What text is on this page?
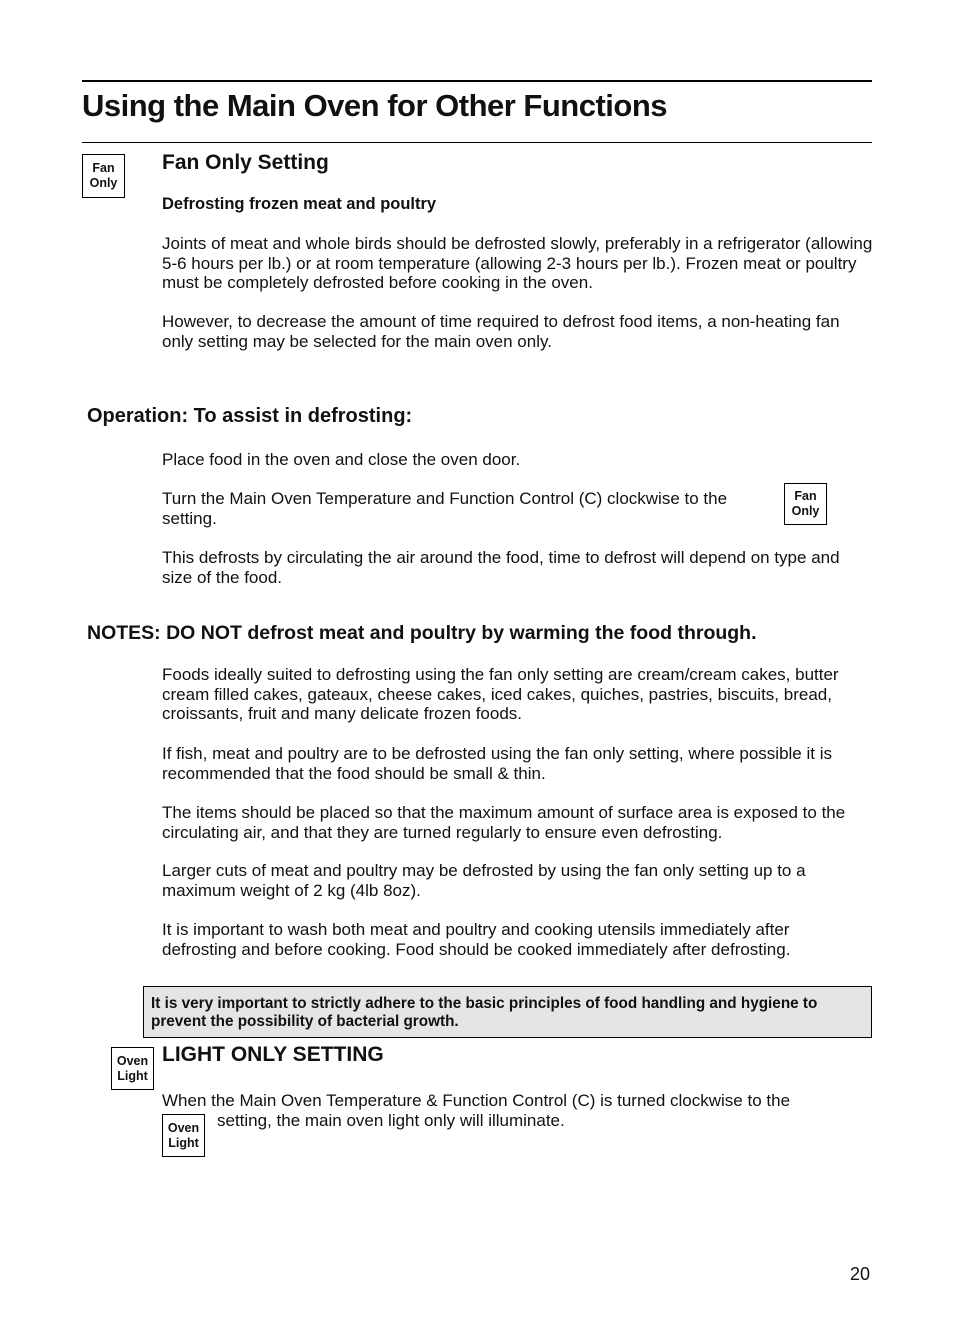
Using the Main Oven for Other Functions
Fan
Only
Fan Only Setting
Defrosting frozen meat and poultry
Joints of meat and whole birds should be defrosted slowly, preferably in a refrigerator (allowing 5-6 hours per lb.) or at room temperature (allowing 2-3 hours per lb.). Frozen meat or poultry must be completely defrosted before cooking in the oven.
However, to decrease the amount of time required to defrost food items, a non-heating fan only setting may be selected for the main oven only.
Operation: To assist in defrosting:
Place food in the oven and close the oven door.
Turn the Main Oven Temperature and Function Control (C) clockwise to the setting.
Fan
Only
This defrosts by circulating the air around the food, time to defrost will depend on type and size of the food.
NOTES: DO NOT defrost meat and poultry by warming the food through.
Foods ideally suited to defrosting using the fan only setting are cream/cream cakes, butter cream filled cakes, gateaux, cheese cakes, iced cakes, quiches, pastries, biscuits, bread, croissants, fruit and many delicate frozen foods.
If fish, meat and poultry are to be defrosted using the fan only setting, where possible it is recommended that the food should be small & thin.
The items should be placed so that the maximum amount of surface area is exposed to the circulating air, and that they are turned regularly to ensure even defrosting.
Larger cuts of meat and poultry may be defrosted by using the fan only setting up to a maximum weight of 2 kg (4lb 8oz).
It is important to wash both meat and poultry and cooking utensils immediately after defrosting and before cooking. Food should be cooked immediately after defrosting.
It is very important to strictly adhere to the basic principles of food handling and hygiene to prevent the possibility of bacterial growth.
Oven
Light
LIGHT ONLY SETTING
When the Main Oven Temperature & Function Control (C) is turned clockwise to the
Oven
Light
setting, the main oven light only will illuminate.
20
